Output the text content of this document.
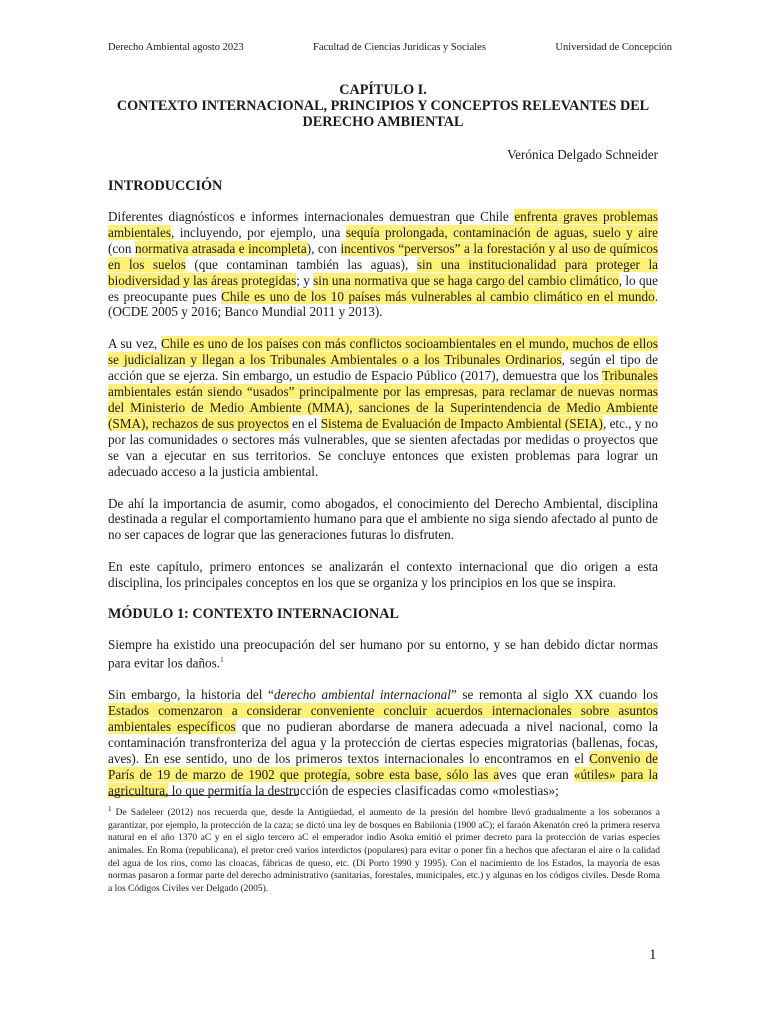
Derecho Ambiental agosto 2023	Facultad de Ciencias Jurídicas y Sociales	Universidad de Concepción
CAPÍTULO I.
CONTEXTO INTERNACIONAL, PRINCIPIOS Y CONCEPTOS RELEVANTES DEL
DERECHO AMBIENTAL
Verónica Delgado Schneider
INTRODUCCIÓN

Diferentes diagnósticos e informes internacionales demuestran que Chile enfrenta graves problemas ambientales, incluyendo, por ejemplo, una sequía prolongada, contaminación de aguas, suelo y aire (con normativa atrasada e incompleta), con incentivos “perversos” a la forestación y al uso de químicos en los suelos (que contaminan también las aguas), sin una institucionalidad para proteger la biodiversidad y las áreas protegidas; y sin una normativa que se haga cargo del cambio climático, lo que es preocupante pues Chile es uno de los 10 países más vulnerables al cambio climático en el mundo. (OCDE 2005 y 2016; Banco Mundial 2011 y 2013).

A su vez, Chile es uno de los países con más conflictos socioambientales en el mundo, muchos de ellos se judicializan y llegan a los Tribunales Ambientales o a los Tribunales Ordinarios, según el tipo de acción que se ejerza. Sin embargo, un estudio de Espacio Público (2017), demuestra que los Tribunales ambientales están siendo “usados” principalmente por las empresas, para reclamar de nuevas normas del Ministerio de Medio Ambiente (MMA), sanciones de la Superintendencia de Medio Ambiente (SMA), rechazos de sus proyectos en el Sistema de Evaluación de Impacto Ambiental (SEIA), etc., y no por las comunidades o sectores más vulnerables, que se sienten afectadas por medidas o proyectos que se van a ejecutar en sus territorios. Se concluye entonces que existen problemas para lograr un adecuado acceso a la justicia ambiental.

De ahí la importancia de asumir, como abogados, el conocimiento del Derecho Ambiental, disciplina destinada a regular el comportamiento humano para que el ambiente no siga siendo afectado al punto de no ser capaces de lograr que las generaciones futuras lo disfruten.

En este capítulo, primero entonces se analizarán el contexto internacional que dio origen a esta disciplina, los principales conceptos en los que se organiza y los principios en los que se inspira.

MÓDULO 1: CONTEXTO INTERNACIONAL

Siempre ha existido una preocupación del ser humano por su entorno, y se han debido dictar normas para evitar los daños.$^1$

Sin embargo, la historia del “derecho ambiental internacional” se remonta al siglo XX cuando los Estados comenzaron a considerar conveniente concluir acuerdos internacionales sobre asuntos ambientales específicos que no pudieran abordarse de manera adecuada a nivel nacional, como la contaminación transfronteriza del agua y la protección de ciertas especies migratorias (ballenas, focas, aves). En ese sentido, uno de los primeros textos internacionales lo encontramos en el Convenio de París de 19 de marzo de 1902 que protegía, sobre esta base, sólo las aves que eran «útiles» para la agricultura, lo que permitía la destrucción de especies clasificadas como «molestias»;

$^1$ De Sadeleer (2012) nos recuerda que, desde la Antigüedad, el aumento de la presión del hombre llevó gradualmente a los soberanos a garantizar, por ejemplo, la protección de la caza; se dictó una ley de bosques en Babilonia (1900 aC); el faraón Akenatón creó la primera reserva natural en el año 1370 aC y en el siglo tercero aC el emperador indio Asoka emitió el primer decreto para la protección de varias especies animales. En Roma (republicana), el pretor creó varios interdictos (populares) para evitar o poner fin a hechos que afectaran el aire o la calidad del agua de los ríos, como las cloacas, fábricas de queso, etc. (Di Porto 1990 y 1995). Con el nacimiento de los Estados, la mayoría de esas normas pasaron a formar parte del derecho administrativo (sanitarias, forestales, municipales, etc.) y algunas en los códigos civiles. Desde Roma a los Códigos Civiles ver Delgado (2005).
1
